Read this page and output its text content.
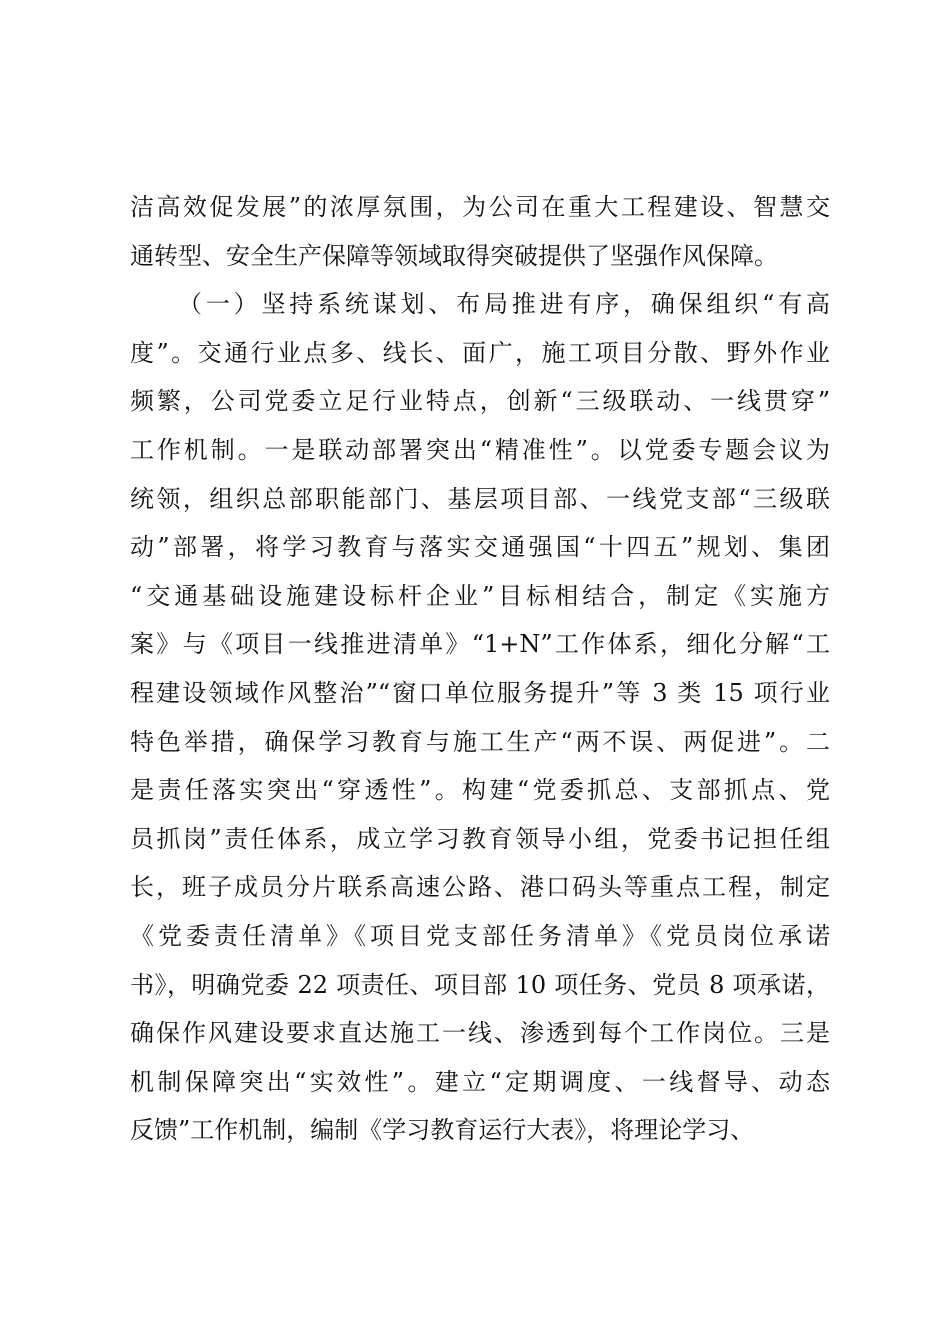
洁高效促发展”的浓厚氛围，为公司在重大工程建设、智慧交
通转型、安全生产保障等领域取得突破提供了坚强作风保障。
（一）坚持系统谋划、布局推进有序，确保组织“有高
度”。交通行业点多、线长、面广，施工项目分散、野外作业
频繁，公司党委立足行业特点，创新“三级联动、一线贯穿”
工作机制。一是联动部署突出“精准性”。以党委专题会议为
统领，组织总部职能部门、基层项目部、一线党支部“三级联
动”部署，将学习教育与落实交通强国“十四五”规划、集团
“交通基础设施建设标杆企业”目标相结合，制定《实施方
案》与《项目一线推进清单》“1+N”工作体系，细化分解“工
程建设领域作风整治”“窗口单位服务提升”等 3 类 15 项行业
特色举措，确保学习教育与施工生产“两不误、两促进”。二
是责任落实突出“穿透性”。构建“党委抓总、支部抓点、党
员抓岗”责任体系，成立学习教育领导小组，党委书记担任组
长，班子成员分片联系高速公路、港口码头等重点工程，制定
《党委责任清单》《项目党支部任务清单》《党员岗位承诺
书》，明确党委 22 项责任、项目部 10 项任务、党员 8 项承诺，
确保作风建设要求直达施工一线、渗透到每个工作岗位。三是
机制保障突出“实效性”。建立“定期调度、一线督导、动态
反馈”工作机制，编制《学习教育运行大表》，将理论学习、
